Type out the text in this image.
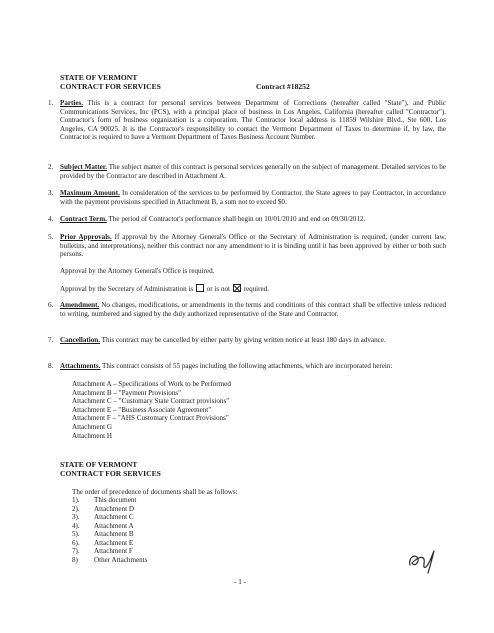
STATE OF VERMONT
CONTRACT FOR SERVICES	Contract #18252
1. Parties. This is a contract for personal services between Department of Corrections (hereafter called "State"), and Public Communications Services, Inc (PCS), with a principal place of business in Los Angeles, California (hereafter called "Contractor"). Contractor's form of business organization is a corporation. The Contractor local address is 11859 Wilshire Blvd., Ste 600, Los Angeles, CA 90025. It is the Contractor's responsibility to contact the Vermont Department of Taxes to determine if, by law, the Contractor is required to have a Vermont Department of Taxes Business Account Number.
2. Subject Matter. The subject matter of this contract is personal services generally on the subject of management. Detailed services to be provided by the Contractor are described in Attachment A.
3. Maximum Amount. In consideration of the services to be performed by Contractor, the State agrees to pay Contractor, in accordance with the payment provisions specified in Attachment B, a sum not to exceed $0.
4. Contract Term. The period of Contractor's performance shall begin on 10/01/2010 and end on 09/30/2012.
5. Prior Approvals. If approval by the Attorney General's Office or the Secretary of Administration is required, (under current law, bulletins, and interpretations), neither this contract nor any amendment to it is binding until it has been approved by either or both such persons.
Approval by the Attorney General's Office is required.
Approval by the Secretary of Administration is or is not required.
6. Amendment. No changes, modifications, or amendments in the terms and conditions of this contract shall be effective unless reduced to writing, numbered and signed by the duly authorized representative of the State and Contractor.
7. Cancellation. This contract may be cancelled by either party by giving written notice at least 180 days in advance.
8. Attachments. This contract consists of 55 pages including the following attachments, which are incorporated herein:
Attachment A – Specifications of Work to be Performed
Attachment B – "Payment Provisions"
Attachment C – "Customary State Contract provisions"
Attachment E – "Business Associate Agreement"
Attachment F – "AHS Customary Contract Provisions"
Attachment G
Attachment H
STATE OF VERMONT
CONTRACT FOR SERVICES
The order of precedence of documents shall be as follows:
1). This document
2). Attachment D
3). Attachment C
4). Attachment A
5). Attachment B
6). Attachment E
7). Attachment F
8) Other Attachments
- 1 -
